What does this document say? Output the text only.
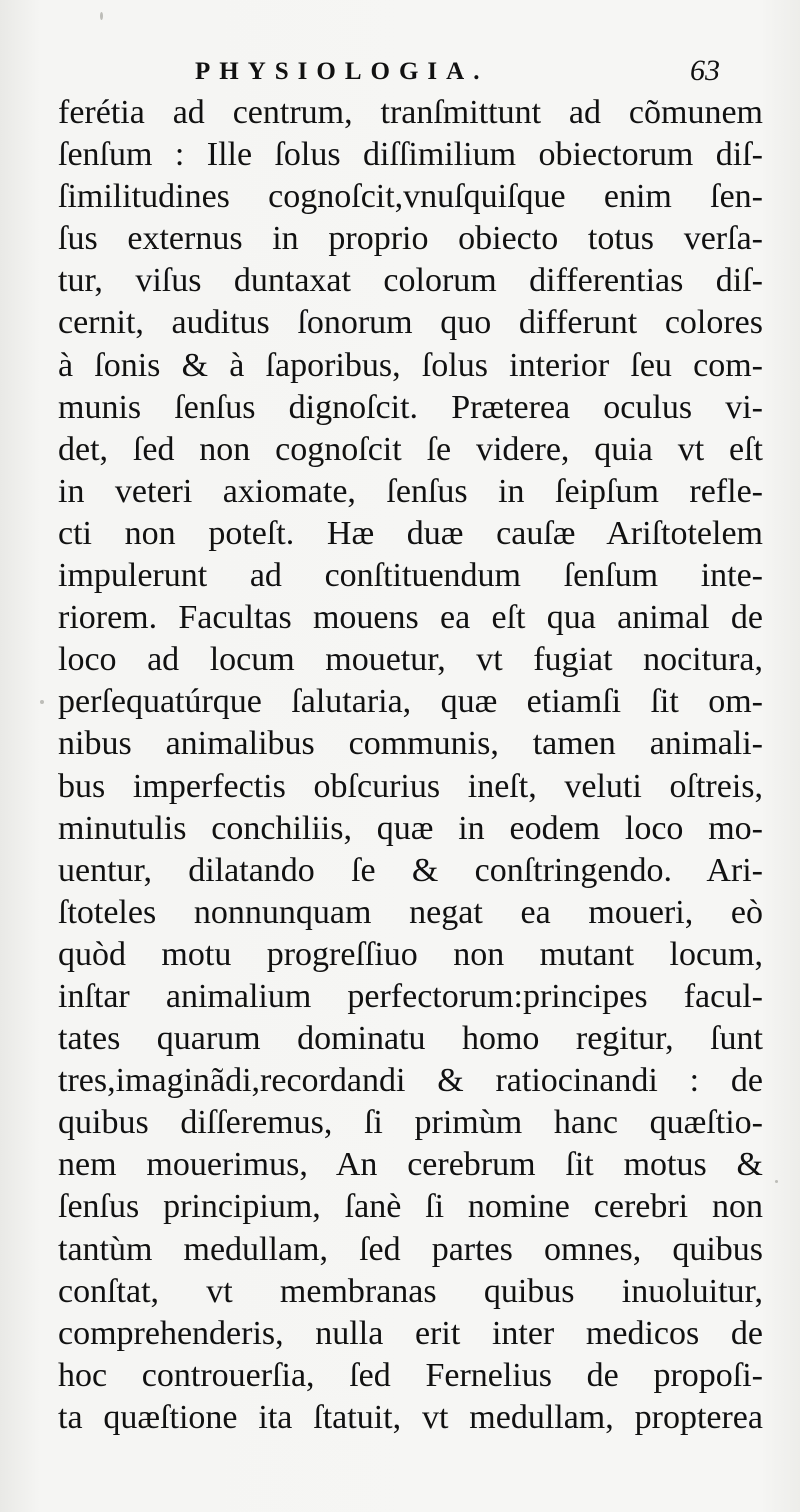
PHYSIOLOGIA.	63
ferétia ad centrum, tranſmittunt ad cõmunem
ſenſum : Ille ſolus diſſimilium obiectorum diſ-
ſimilitudines cognoſcit,vnuſquiſque enim ſen-
ſus externus in proprio obiecto totus verſa-
tur, viſus duntaxat colorum differentias diſ-
cernit, auditus ſonorum quo differunt colores
à ſonis & à ſaporibus, ſolus interior ſeu com-
munis ſenſus dignoſcit. Præterea oculus vi-
det, ſed non cognoſcit ſe videre, quia vt eſt
in veteri axiomate, ſenſus in ſeipſum refle-
cti non poteſt. Hæ duæ cauſæ Ariſtotelem
impulerunt ad conſtituendum ſenſum inte-
riorem. Facultas mouens ea eſt qua animal de
loco ad locum mouetur, vt fugiat nocitura,
perſequatúrque ſalutaria, quæ etiamſi ſit om-
nibus animalibus communis, tamen animali-
bus imperfectis obſcurius ineſt, veluti oſtreis,
minutulis conchiliis, quæ in eodem loco mo-
uentur, dilatando ſe & conſtringendo. Ari-
ſtoteles nonnunquam negat ea moueri, eò
quòd motu progreſſiuo non mutant locum,
inſtar animalium perfectorum:principes facul-
tates quarum dominatu homo regitur, ſunt
tres,imaginãdi,recordandi & ratiocinandi : de
quibus diſſeremus, ſi primùm hanc quæſtio-
nem mouerimus, An cerebrum ſit motus &
ſenſus principium, ſanè ſi nomine cerebri non
tantùm medullam, ſed partes omnes, quibus
conſtat, vt membranas quibus inuoluitur,
comprehenderis, nulla erit inter medicos de
hoc controuerſia, ſed Fernelius de propoſi-
ta quæſtione ita ſtatuit, vt medullam, propterea
